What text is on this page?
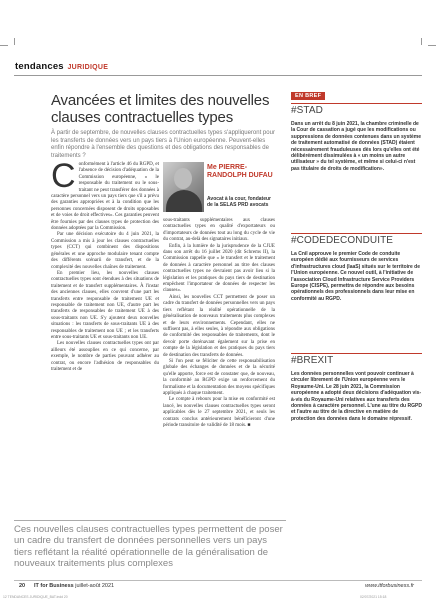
tendances JURIDIQUE
Avancées et limites des nouvelles clauses contractuelles types
À partir de septembre, de nouvelles clauses contractuelles types s'appliqueront pour les transferts de données vers un pays tiers à l'Union européenne. Peuvent-elles enfin répondre à l'ensemble des questions et des obligations des responsables de traitements ?

Conformément à l'article 46 du RGPD, et l'absence de décision d'adéquation de la Commission européenne, « le responsable du traitement ou le sous-traitant ne peut transférer des données à caractère personnel vers un pays tiers que s'il a prévu des garanties appropriées et à la condition que les personnes concernées disposent de droits opposables et de voies de droit effectives». Ces garanties peuvent être fournies par des clauses types de protection des données adoptées par la Commission.

Par une décision exécutoire du 4 juin 2021, la Commission a mis à jour les clauses contractuelles types (CCT) qui combinent des dispositions générales et une approche modulaire tenant compte des différents scénarii de transfert, et de la complexité des nouvelles chaînes de traitement.

En premier lieu, les nouvelles clauses contractuelles types sont étendues à des situations de traitement et de transfert supplémentaires. À l'instar des anciennes clauses, elles couvrent d'une part les transferts entre responsable de traitement UE et responsable de traitement non UE, d'autre part les transferts de responsables de traitement UE à des sous-traitants non UE. S'y ajoutent deux nouvelles situations : les transferts de sous-traitants UE à des responsables de traitement non UE ; et les transferts entre sous-traitants UE et sous-traitants non UE.

Les nouvelles clauses contractuelles types ont par ailleurs été assouplies en ce qui concerne, par exemple, le nombre de parties pouvant adhérer au contrat, ou encore l'adhésion de responsables du traitement et de

Me PIERRE-RANDOLPH DUFAU
Avocat à la cour, fondateur de la SELAS PRD avocats

sous-traitants supplémentaires aux clauses contractuelles types en qualité d'exportateurs ou d'importateurs de données tout au long du cycle de vie du contrat, au-delà des signataires initiaux.

Enfin, à la lumière de la jurisprudence de la CJUE dans son arrêt du 16 juillet 2020 (dit Schrems II), la Commission rappelle que « le transfert et le traitement de données à caractère personnel au titre des clauses contractuelles types ne devraient pas avoir lieu si la législation et les pratiques du pays tiers de destination empêchent l'importateur de données de respecter les clauses».

Ainsi, les nouvelles CCT permettent de poser un cadre du transfert de données personnelles vers un pays tiers reflétant la réalité opérationnelle de la généralisation de nouveaux traitements plus complexes et de leurs environnements. Cependant, elles ne suffisent pas, à elles seules, à répondre aux obligations de conformité des responsables de traitements, dont le devoir porte dorénavant également sur la prise en compte de la législation et des pratiques du pays tiers de destination des transferts de données.

Si l'on peut se féliciter de cette responsabilisation globale des échanges de données et de la sécurité qu'elle apporte, force est de constater que, de nouveau, la conformité au RGPD exige un renforcement du formalisme et la documentation des moyens spécifiques appliqués à chaque traitement.

Le compte à rebours pour la mise en conformité est lancé, les nouvelles clauses contractuelles types seront applicables dès le 27 septembre 2021, et seuls les contrats conclus antérieurement bénéficieront d'une période transitoire de validité de 18 mois. ■

Ces nouvelles clauses contractuelles types permettent de poser un cadre du transfert de données personnelles vers un pays tiers reflétant la réalité opérationnelle de la généralisation de nouveaux traitements plus complexes
EN BREF
#STAD
Dans un arrêt du 8 juin 2021, la chambre criminelle de la Cour de cassation a jugé que les modifications ou suppressions de données contenues dans un système de traitement automatisé de données (STAD) étaient nécessairement frauduleuses dès lors qu'elles ont été délibérément dissimulées à « un moins un autre utilisateur » du tel système, et même si celui-ci n'est pas titulaire de droits de modification».
#CODEDECONDUITE
La Cnil approuve le premier Code de conduite européen dédié aux fournisseurs de services d'infrastructures cloud (IaaS) situés sur le territoire de l'Union européenne. Ce nouvel outil, à l'initiative de l'association Cloud Infrastructure Service Providers Europe (CISPE), permettra de répondre aux besoins opérationnels des professionnels dans leur mise en conformité au RGPD.
#BREXIT
Les données personnelles vont pouvoir continuer à circuler librement de l'Union européenne vers le Royaume-Uni. Le 28 juin 2021, la Commission européenne a adopté deux décisions d'adéquation vis-à-vis du Royaume-Uni relatives aux transferts des données à caractère personnel. L'une au titre du RGPD et l'autre au titre de la directive en matière de protection des données dans le domaine répressif.
20 IT for Business juillet-août 2021	www.itforbusiness.fr
12 TENDANCES JURIDIQUE_BAT.indd 20	02/07/2021 15:18
